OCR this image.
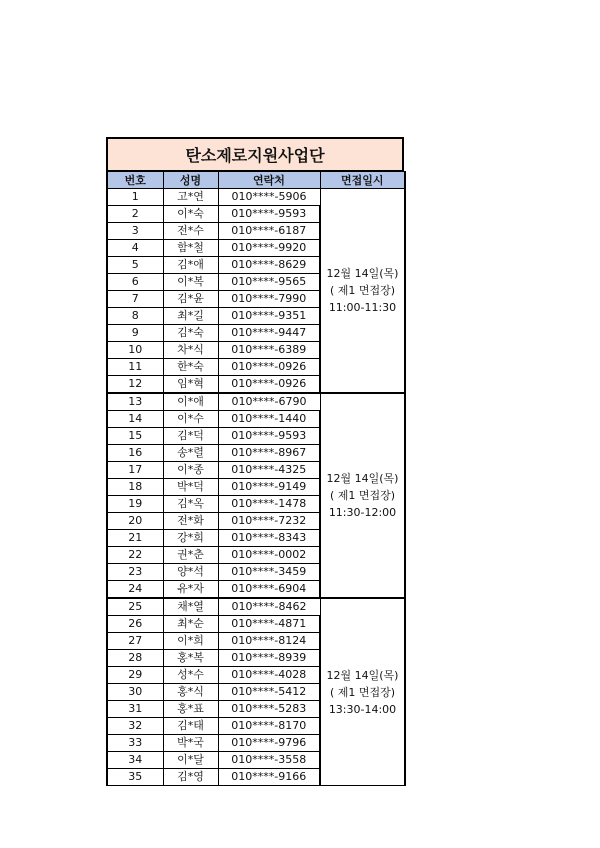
탄소제로지원사업단
번호	성명	연락처	면접일시
1	고*연	010****-5906	12월 14일(목)
( 제1 면접장)
11:00-11:30

2	이*숙	010****-9593	
3	전*수	010****-6187	
4	함*철	010****-9920	
5	김*애	010****-8629	
6	이*복	010****-9565	
7	김*윤	010****-7990	
8	최*길	010****-9351	
9	김*숙	010****-9447	
10	차*식	010****-6389	
11	한*숙	010****-0926	
12	임*혁	010****-0926	
13	이*애	010****-6790	12월 14일(목)
( 제1 면접장)
11:30-12:00

14	이*수	010****-1440	
15	김*덕	010****-9593	
16	송*렬	010****-8967	
17	이*종	010****-4325	
18	박*덕	010****-9149	
19	김*옥	010****-1478	
20	전*화	010****-7232	
21	강*희	010****-8343	
22	권*춘	010****-0002	
23	양*석	010****-3459	
24	유*자	010****-6904	
25	채*열	010****-8462	12월 14일(목)
( 제1 면접장)
13:30-14:00

26	최*순	010****-4871	
27	이*희	010****-8124	
28	홍*복	010****-8939	
29	성*수	010****-4028	
30	홍*식	010****-5412	
31	홍*표	010****-5283	
32	김*태	010****-8170	
33	박*국	010****-9796	
34	이*달	010****-3558	
35	김*영	010****-9166	
